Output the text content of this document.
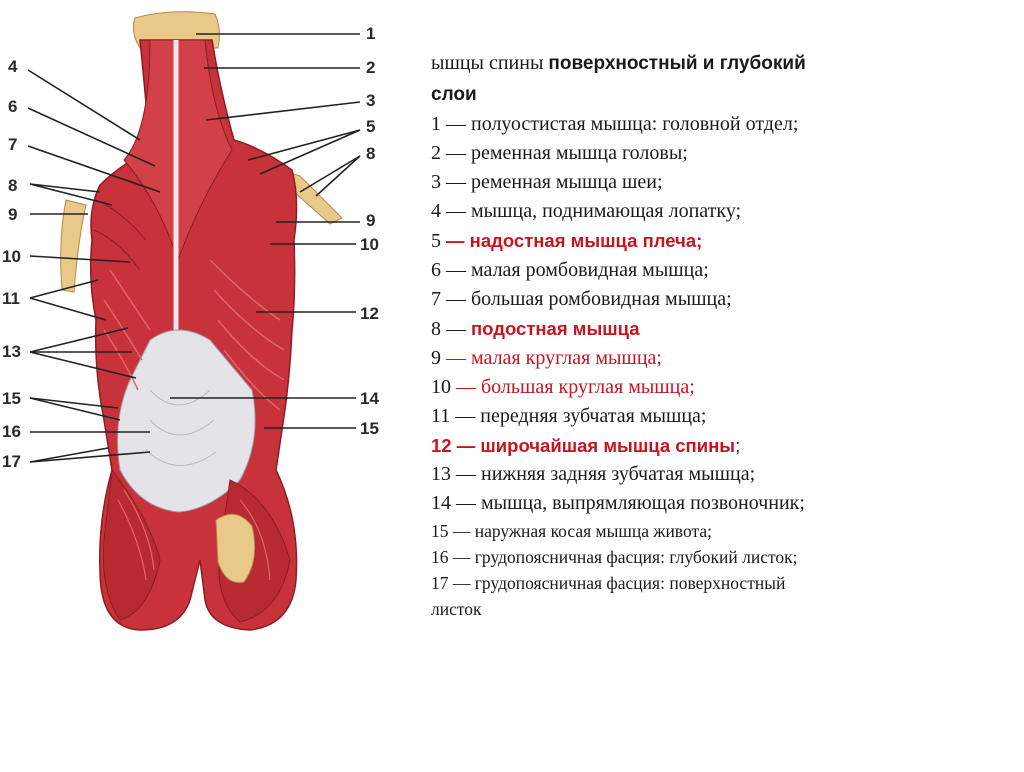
1
2
3
4
5
6
7
8
8
9	9
10
10
11
12
13
14
15
15
16
17
ышцы спины поверхностный и глубокий
слои
1 — полуостистая мышца: головной отдел;
2 — ременная мышца головы;
3 — ременная мышца шеи;
4 — мышца, поднимающая лопатку;
5 — надостная мышца плеча;
6 — малая ромбовидная мышца;
7 — большая ромбовидная мышца;
8 — подостная мышца
9 — малая круглая мышца;
10 — большая круглая мышца;
11 — передняя зубчатая мышца;
12 — широчайшая мышца спины;
13 — нижняя задняя зубчатая мышца;
14 — мышца, выпрямляющая позвоночник;
15 — наружная косая мышца живота;
16 — грудопоясничная фасция: глубокий листок;
17 — грудопоясничная фасция: поверхностный
листок
